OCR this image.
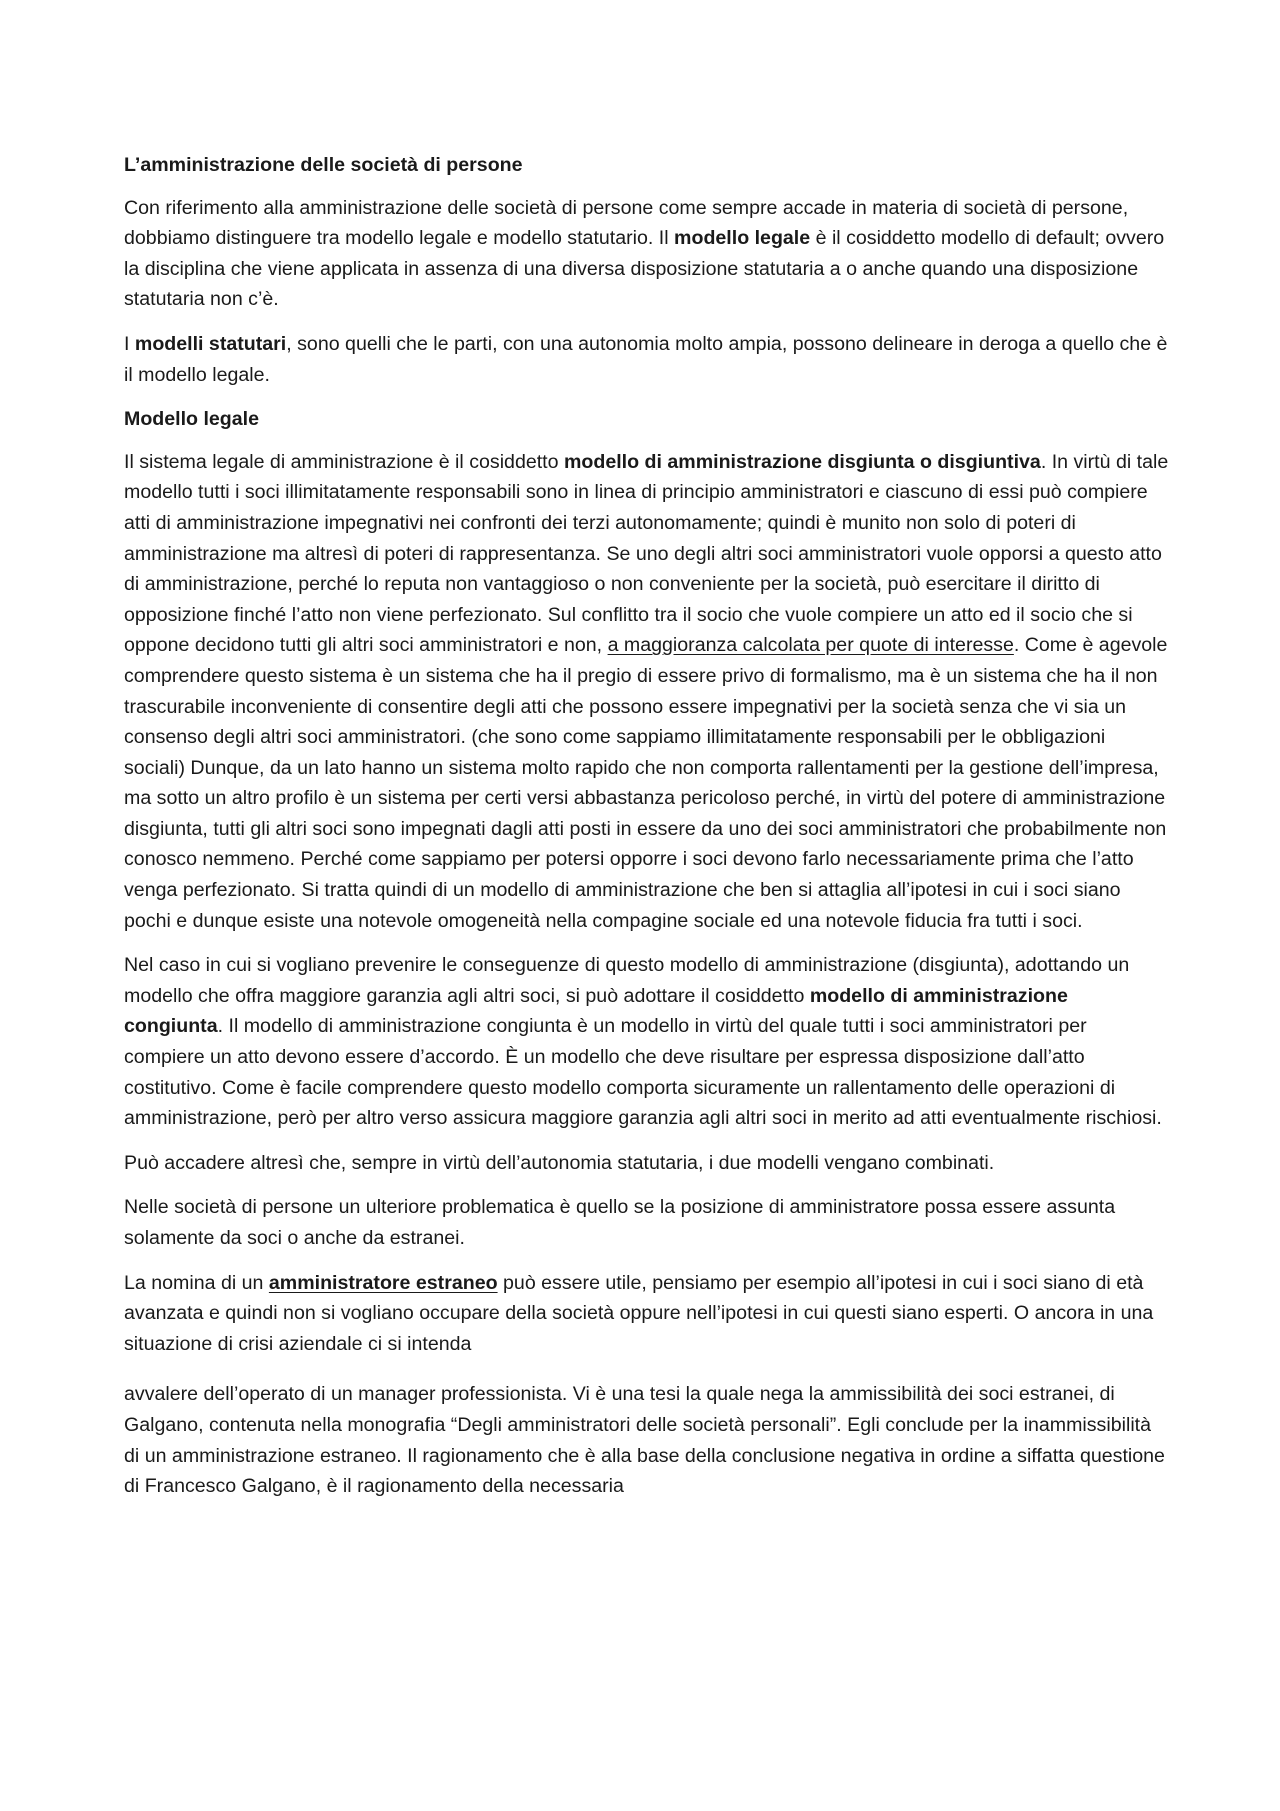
L’amministrazione delle società di persone

Con riferimento alla amministrazione delle società di persone come sempre accade in materia di società di persone, dobbiamo distinguere tra modello legale e modello statutario. Il modello legale è il cosiddetto modello di default; ovvero la disciplina che viene applicata in assenza di una diversa disposizione statutaria a o anche quando una disposizione statutaria non c’è.

I modelli statutari, sono quelli che le parti, con una autonomia molto ampia, possono delineare in deroga a quello che è il modello legale.

Modello legale

Il sistema legale di amministrazione è il cosiddetto modello di amministrazione disgiunta o disgiuntiva. In virtù di tale modello tutti i soci illimitatamente responsabili sono in linea di principio amministratori e ciascuno di essi può compiere atti di amministrazione impegnativi nei confronti dei terzi autonomamente; quindi è munito non solo di poteri di amministrazione ma altresì di poteri di rappresentanza. Se uno degli altri soci amministratori vuole opporsi a questo atto di amministrazione, perché lo reputa non vantaggioso o non conveniente per la società, può esercitare il diritto di opposizione finché l’atto non viene perfezionato. Sul conflitto tra il socio che vuole compiere un atto ed il socio che si oppone decidono tutti gli altri soci amministratori e non, a maggioranza calcolata per quote di interesse. Come è agevole comprendere questo sistema è un sistema che ha il pregio di essere privo di formalismo, ma è un sistema che ha il non trascurabile inconveniente di consentire degli atti che possono essere impegnativi per la società senza che vi sia un consenso degli altri soci amministratori. (che sono come sappiamo illimitatamente responsabili per le obbligazioni sociali) Dunque, da un lato hanno un sistema molto rapido che non comporta rallentamenti per la gestione dell’impresa, ma sotto un altro profilo è un sistema per certi versi abbastanza pericoloso perché, in virtù del potere di amministrazione disgiunta, tutti gli altri soci sono impegnati dagli atti posti in essere da uno dei soci amministratori che probabilmente non conosco nemmeno. Perché come sappiamo per potersi opporre i soci devono farlo necessariamente prima che l’atto venga perfezionato. Si tratta quindi di un modello di amministrazione che ben si attaglia all’ipotesi in cui i soci siano pochi e dunque esiste una notevole omogeneità nella compagine sociale ed una notevole fiducia fra tutti i soci.

Nel caso in cui si vogliano prevenire le conseguenze di questo modello di amministrazione (disgiunta), adottando un modello che offra maggiore garanzia agli altri soci, si può adottare il cosiddetto modello di amministrazione congiunta. Il modello di amministrazione congiunta è un modello in virtù del quale tutti i soci amministratori per compiere un atto devono essere d’accordo. È un modello che deve risultare per espressa disposizione dall’atto costitutivo. Come è facile comprendere questo modello comporta sicuramente un rallentamento delle operazioni di amministrazione, però per altro verso assicura maggiore garanzia agli altri soci in merito ad atti eventualmente rischiosi.

Può accadere altresì che, sempre in virtù dell’autonomia statutaria, i due modelli vengano combinati.

Nelle società di persone un ulteriore problematica è quello se la posizione di amministratore possa essere assunta solamente da soci o anche da estranei.

La nomina di un amministratore estraneo può essere utile, pensiamo per esempio all’ipotesi in cui i soci siano di età avanzata e quindi non si vogliano occupare della società oppure nell’ipotesi in cui questi siano esperti. O ancora in una situazione di crisi aziendale ci si intenda

avvalere dell’operato di un manager professionista. Vi è una tesi la quale nega la ammissibilità dei soci estranei, di Galgano, contenuta nella monografia “Degli amministratori delle società personali”. Egli conclude per la inammissibilità di un amministrazione estraneo. Il ragionamento che è alla base della conclusione negativa in ordine a siffatta questione di Francesco Galgano, è il ragionamento della necessaria
